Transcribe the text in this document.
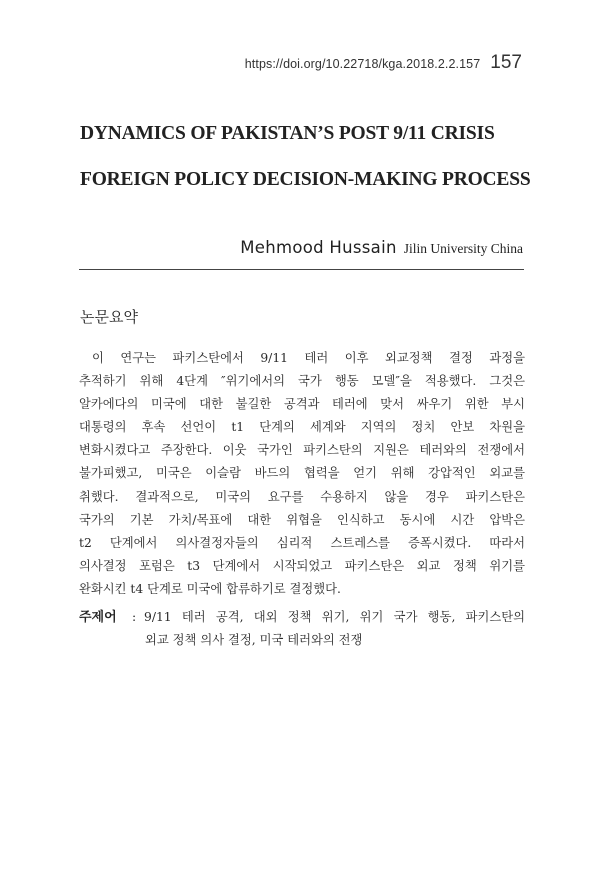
https://doi.org/10.22718/kga.2018.2.2.157 157
DYNAMICS OF PAKISTAN’S POST 9/11 CRISIS
FOREIGN POLICY DECISION-MAKING PROCESS
Mehmood Hussain Jilin University China
논문요약
이 연구는 파키스탄에서 9/11 테러 이후 외교정책 결정 과정을
추적하기 위해 4단계 ″위기에서의 국가 행동 모델″을 적용했다. 그것은
알카에다의 미국에 대한 불길한 공격과 테러에 맞서 싸우기 위한 부시
대통령의 후속 선언이 t1 단계의 세계와 지역의 정치 안보 차원을
변화시켰다고 주장한다. 이웃 국가인 파키스탄의 지원은 테러와의 전쟁에서
불가피했고, 미국은 이슬람 바드의 협력을 얻기 위해 강압적인 외교를
취했다. 결과적으로, 미국의 요구를 수용하지 않을 경우 파키스탄은
국가의 기본 가치/목표에 대한 위협을 인식하고 동시에 시간 압박은
t2 단계에서 의사결정자들의 심리적 스트레스를 증폭시켰다. 따라서
의사결정 포럼은 t3 단계에서 시작되었고 파키스탄은 외교 정책 위기를
완화시킨 t4 단계로 미국에 합류하기로 결정했다.
주제어	: 9/11 테러 공격, 대외 정책 위기, 위기 국가 행동, 파키스탄의
외교 정책 의사 결정, 미국 테러와의 전쟁
